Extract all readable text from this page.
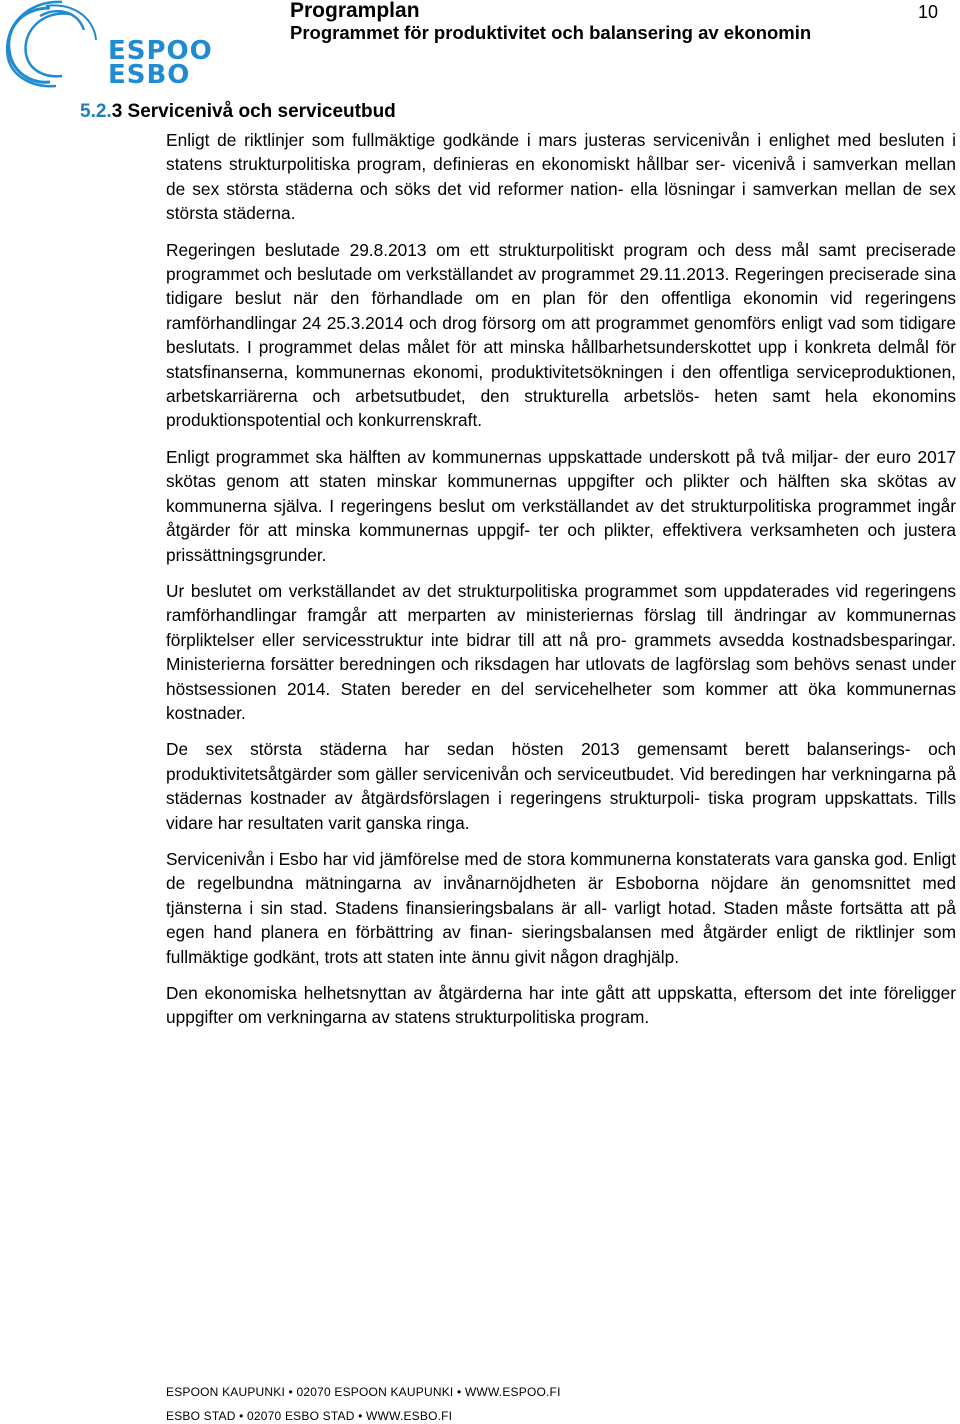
ESPOO
ESBO
Programplan
Programmet för produktivitet och balansering av ekonomin
10
5.2.3 Servicenivå och serviceutbud

Enligt de riktlinjer som fullmäktige godkände i mars justeras servicenivån i enlighet med besluten i statens strukturpolitiska program, definieras en ekonomiskt hållbar ser- vicenivå i samverkan mellan de sex största städerna och söks det vid reformer nation- ella lösningar i samverkan mellan de sex största städerna.

Regeringen beslutade 29.8.2013 om ett strukturpolitiskt program och dess mål samt preciserade programmet och beslutade om verkställandet av programmet 29.11.2013. Regeringen preciserade sina tidigare beslut när den förhandlade om en plan för den offentliga ekonomin vid regeringens ramförhandlingar 24 25.3.2014 och drog försorg om att programmet genomförs enligt vad som tidigare beslutats. I programmet delas målet för att minska hållbarhetsunderskottet upp i konkreta delmål för statsfinanserna, kommunernas ekonomi, produktivitetsökningen i den offentliga serviceproduktionen, arbetskarriärerna och arbetsutbudet, den strukturella arbetslös- heten samt hela ekonomins produktionspotential och konkurrenskraft.

Enligt programmet ska hälften av kommunernas uppskattade underskott på två miljar- der euro 2017 skötas genom att staten minskar kommunernas uppgifter och plikter och hälften ska skötas av kommunerna själva. I regeringens beslut om verkställandet av det strukturpolitiska programmet ingår åtgärder för att minska kommunernas uppgif- ter och plikter, effektivera verksamheten och justera prissättningsgrunder.

Ur beslutet om verkställandet av det strukturpolitiska programmet som uppdaterades vid regeringens ramförhandlingar framgår att merparten av ministeriernas förslag till ändringar av kommunernas förpliktelser eller servicesstruktur inte bidrar till att nå pro- grammets avsedda kostnadsbesparingar. Ministerierna forsätter beredningen och riksdagen har utlovats de lagförslag som behövs senast under höstsessionen 2014. Staten bereder en del servicehelheter som kommer att öka kommunernas kostnader.

De sex största städerna har sedan hösten 2013 gemensamt berett balanserings- och produktivitetsåtgärder som gäller servicenivån och serviceutbudet. Vid beredingen har verkningarna på städernas kostnader av åtgärdsförslagen i regeringens strukturpoli- tiska program uppskattats. Tills vidare har resultaten varit ganska ringa.

Servicenivån i Esbo har vid jämförelse med de stora kommunerna konstaterats vara ganska god. Enligt de regelbundna mätningarna av invånarnöjdheten är Esboborna nöjdare än genomsnittet med tjänsterna i sin stad. Stadens finansieringsbalans är all- varligt hotad. Staden måste fortsätta att på egen hand planera en förbättring av finan- sieringsbalansen med åtgärder enligt de riktlinjer som fullmäktige godkänt, trots att staten inte ännu givit någon draghjälp.

Den ekonomiska helhetsnyttan av åtgärderna har inte gått att uppskatta, eftersom det inte föreligger uppgifter om verkningarna av statens strukturpolitiska program.

ESPOON KAUPUNKI • 02070 ESPOON KAUPUNKI • WWW.ESPOO.FI
ESBO STAD • 02070 ESBO STAD • WWW.ESBO.FI
